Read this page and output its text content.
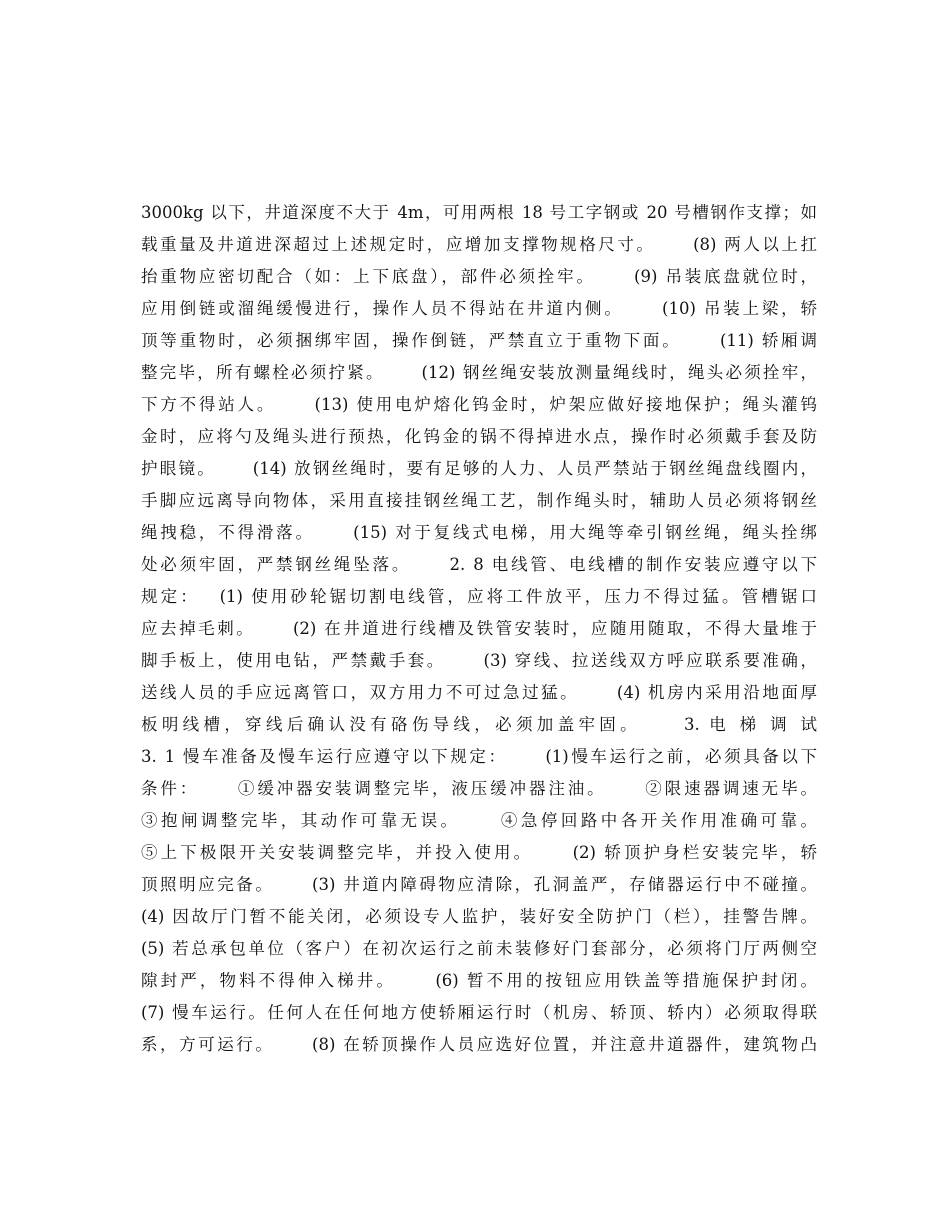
3000kg 以下，井道深度不大于 4m，可用两根 18 号工字钢或 20 号槽钢作支撑；如
载重量及井道进深超过上述规定时，应增加支撑物规格尺寸。　　 (8) 两人以上扛
抬重物应密切配合（如：上下底盘），部件必须拴牢。　　 (9) 吊装底盘就位时，
应用倒链或溜绳缓慢进行，操作人员不得站在井道内侧。　　 (10) 吊装上梁，轿
顶等重物时，必须捆绑牢固，操作倒链，严禁直立于重物下面。　　 (11) 轿厢调
整完毕，所有螺栓必须拧紧。　　 (12) 钢丝绳安装放测量绳线时，绳头必须拴牢，
下方不得站人。　　 (13) 使用电炉熔化钨金时，炉架应做好接地保护；绳头灌钨
金时，应将勺及绳头进行预热，化钨金的锅不得掉进水点，操作时必须戴手套及防
护眼镜。　　 (14) 放钢丝绳时，要有足够的人力、人员严禁站于钢丝绳盘线圈内，
手脚应远离导向物体，采用直接挂钢丝绳工艺，制作绳头时，辅助人员必须将钢丝
绳拽稳，不得滑落。　　 (15) 对于复线式电梯，用大绳等牵引钢丝绳，绳头拴绑
处必须牢固，严禁钢丝绳坠落。　　 2. 8 电线管、电线槽的制作安装应遵守以下
规定：　 (1) 使用砂轮锯切割电线管，应将工件放平，压力不得过猛。管槽锯口
应去掉毛刺。　　 (2) 在井道进行线槽及铁管安装时，应随用随取，不得大量堆于
脚手板上，使用电钻，严禁戴手套。　　 (3) 穿线、拉送线双方呼应联系要准确，
送线人员的手应远离管口，双方用力不可过急过猛。　　 (4) 机房内采用沿地面厚
板明线槽，穿线后确认没有硌伤导线，必须加盖牢固。　　 3. 电 梯 调 试
3. 1 慢车准备及慢车运行应遵守以下规定：　　 (1)慢车运行之前，必须具备以下
条件：　　 ①缓冲器安装调整完毕，液压缓冲器注油。　　 ②限速器调速无毕。
③抱闸调整完毕，其动作可靠无误。　　 ④急停回路中各开关作用准确可靠。
⑤上下极限开关安装调整完毕，并投入使用。　　 (2) 轿顶护身栏安装完毕，轿
顶照明应完备。　　 (3) 井道内障碍物应清除，孔洞盖严，存储器运行中不碰撞。
(4) 因故厅门暂不能关闭，必须设专人监护，装好安全防护门（栏），挂警告牌。
(5) 若总承包单位（客户）在初次运行之前未装修好门套部分，必须将门厅两侧空
隙封严，物料不得伸入梯井。　　 (6) 暂不用的按钮应用铁盖等措施保护封闭。
(7) 慢车运行。任何人在任何地方使轿厢运行时（机房、轿顶、轿内）必须取得联
系，方可运行。　　 (8) 在轿顶操作人员应选好位置，并注意井道器件，建筑物凸
